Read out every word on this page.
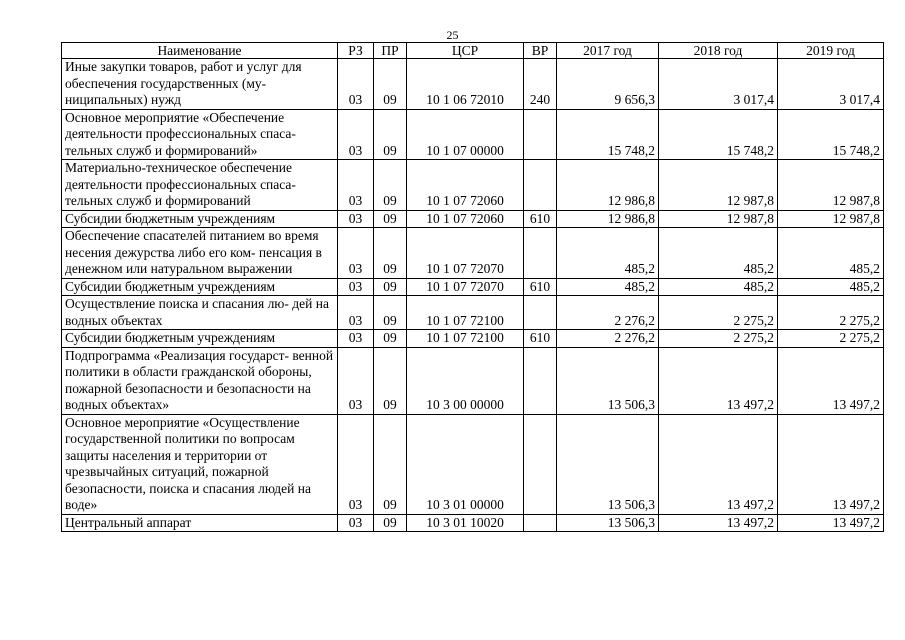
25
Наименование	РЗ	ПР	ЦСР	ВР	2017 год	2018 год	2019 год
Иные закупки товаров, работ и услуг для обеспечения государственных (му- ниципальных) нужд	03	09	10 1 06 72010	240	9 656,3	3 017,4	3 017,4
Основное мероприятие «Обеспечение деятельности профессиональных спаса- тельных служб и формирований»	03	09	10 1 07 00000		15 748,2	15 748,2	15 748,2
Материально-техническое обеспечение деятельности профессиональных спаса- тельных служб и формирований	03	09	10 1 07 72060		12 986,8	12 987,8	12 987,8
Субсидии бюджетным учреждениям	03	09	10 1 07 72060	610	12 986,8	12 987,8	12 987,8
Обеспечение спасателей питанием во время несения дежурства либо его ком- пенсация в денежном или натуральном выражении	03	09	10 1 07 72070		485,2	485,2	485,2
Субсидии бюджетным учреждениям	03	09	10 1 07 72070	610	485,2	485,2	485,2
Осуществление поиска и спасания лю- дей на водных объектах	03	09	10 1 07 72100		2 276,2	2 275,2	2 275,2
Субсидии бюджетным учреждениям	03	09	10 1 07 72100	610	2 276,2	2 275,2	2 275,2
Подпрограмма «Реализация государст- венной политики в области гражданской обороны, пожарной безопасности и безопасности на водных объектах»	03	09	10 3 00 00000		13 506,3	13 497,2	13 497,2
Основное мероприятие «Осуществление государственной политики по вопросам защиты населения и территории от чрезвычайных ситуаций, пожарной безопасности, поиска и спасания людей на воде»	03	09	10 3 01 00000		13 506,3	13 497,2	13 497,2
Центральный аппарат	03	09	10 3 01 10020		13 506,3	13 497,2	13 497,2
